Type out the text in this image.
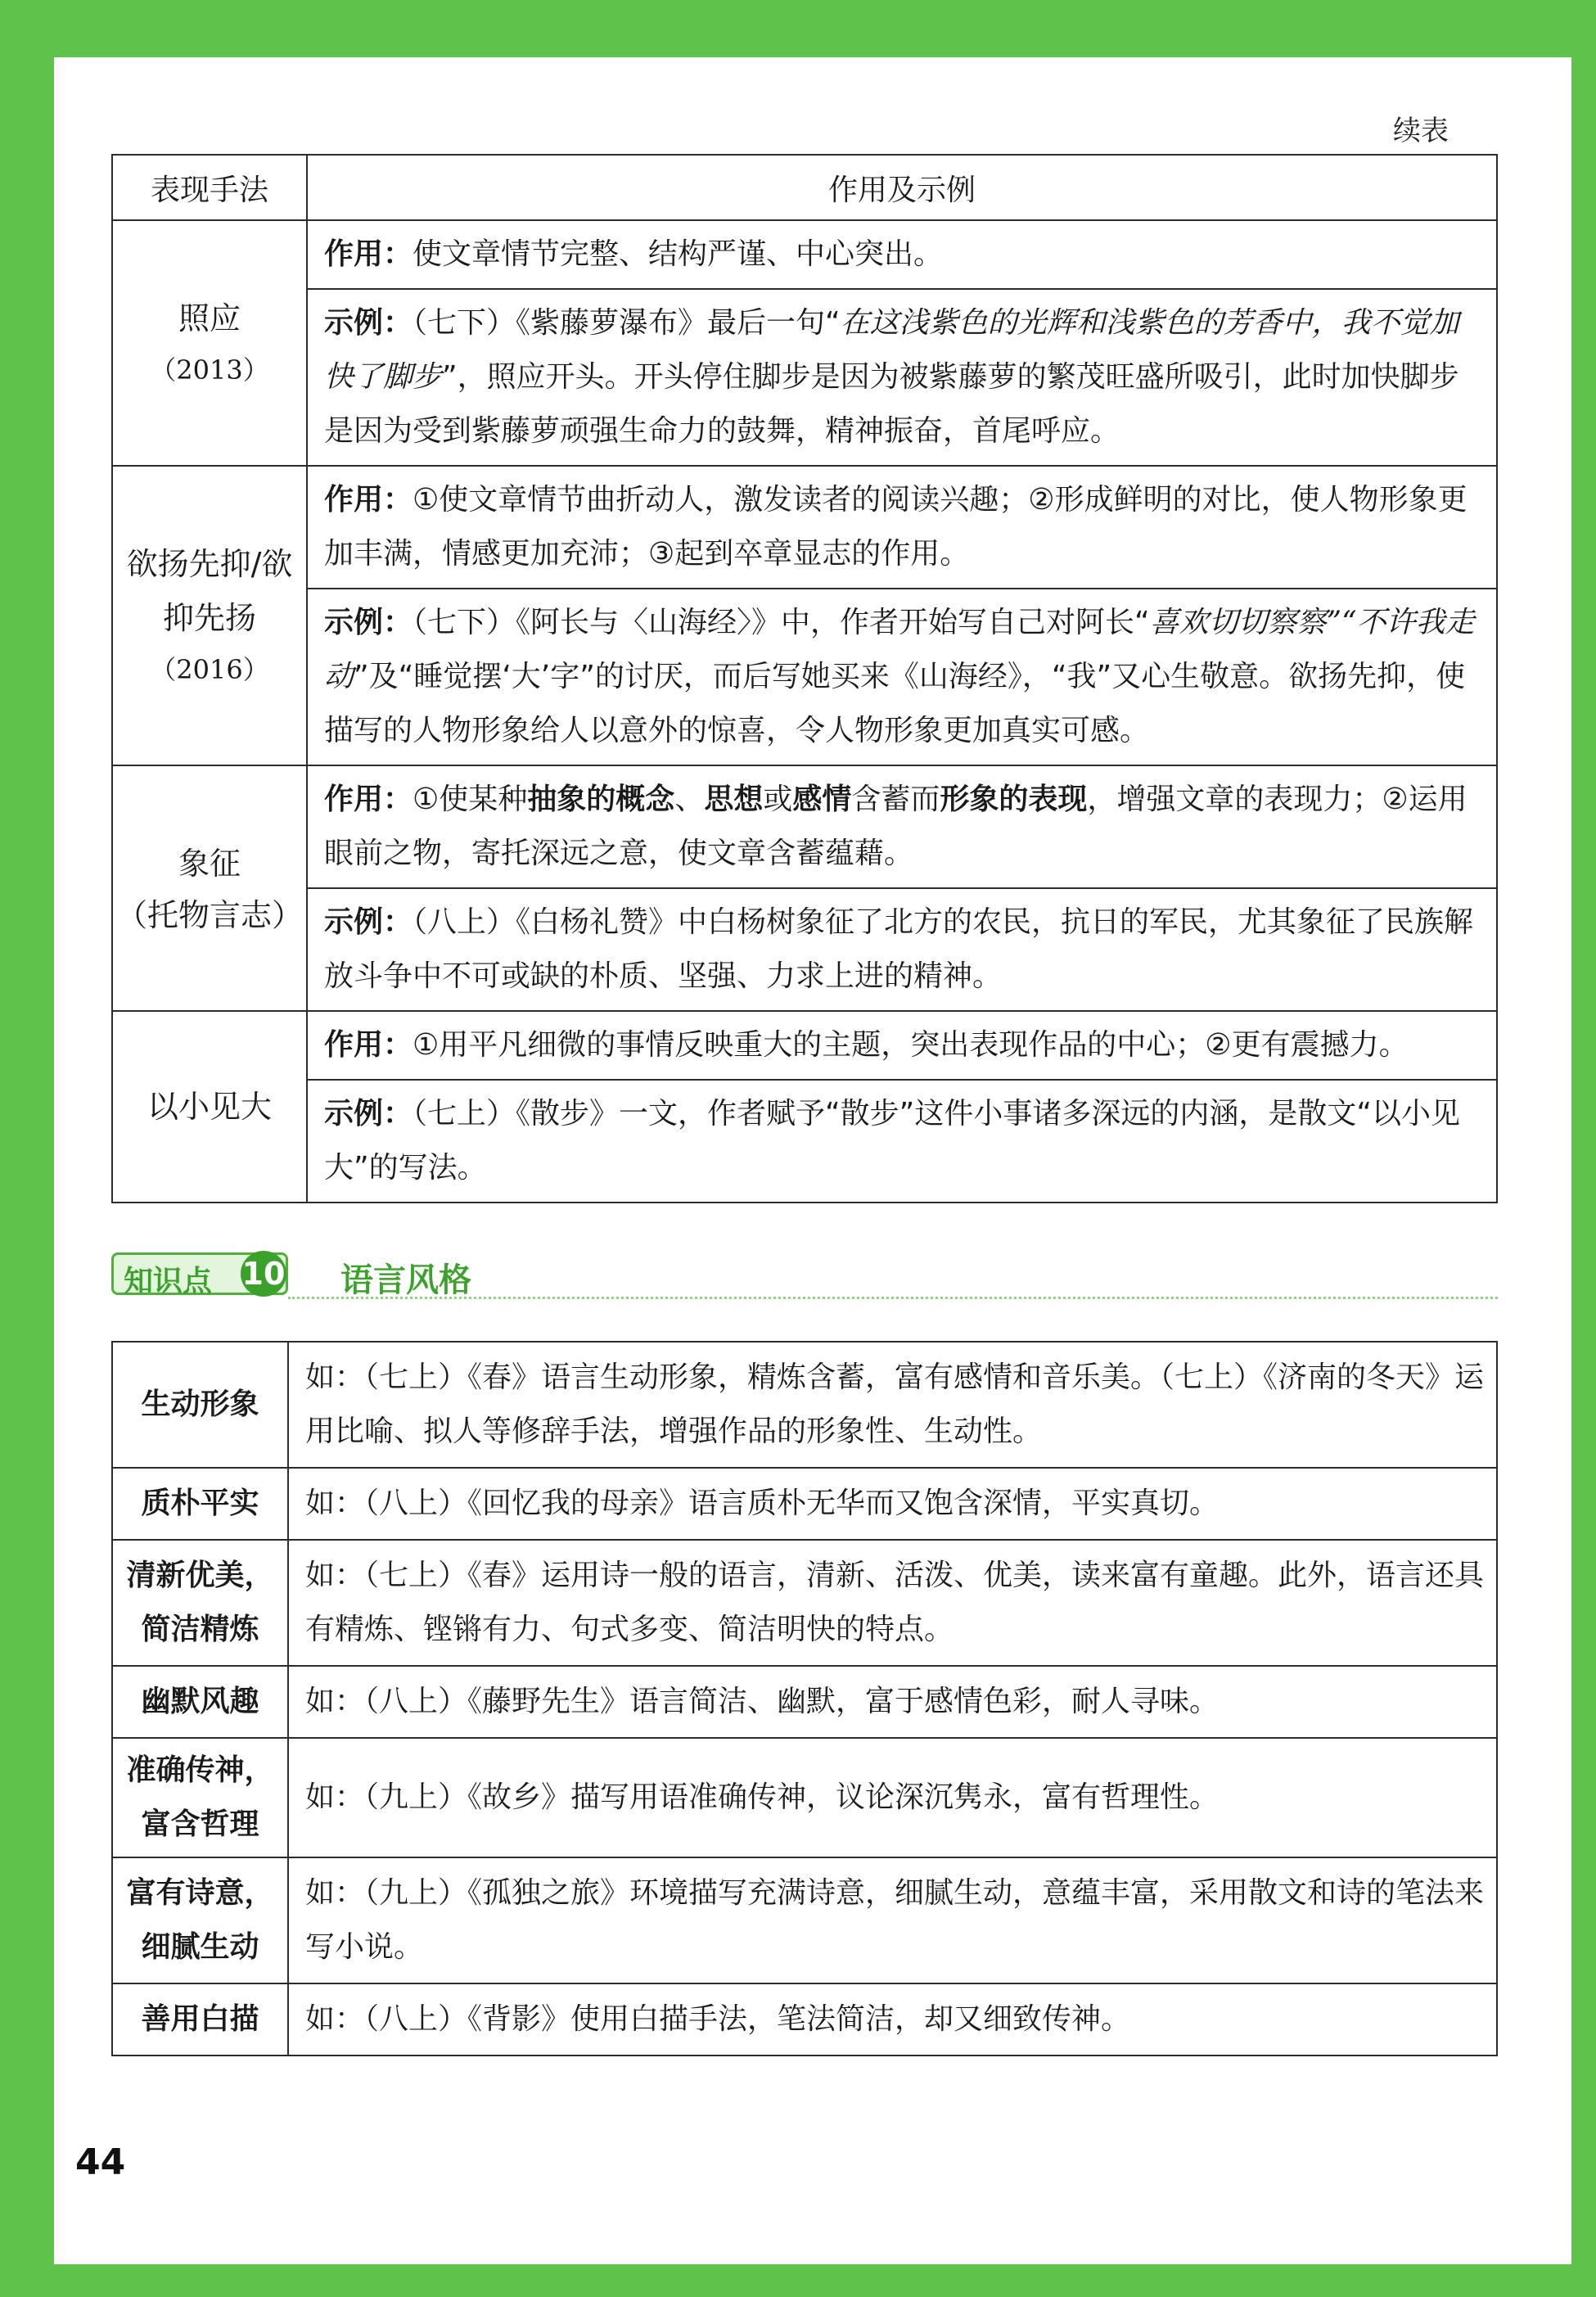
续表
表现手法	作用及示例
照应
（2013）	作用：使文章情节完整、结构严谨、中心突出。
	示例：（七下）《紫藤萝瀑布》最后一句“在这浅紫色的光辉和浅紫色的芳香中，我不觉加快了脚步”，照应开头。开头停住脚步是因为被紫藤萝的繁茂旺盛所吸引，此时加快脚步是因为受到紫藤萝顽强生命力的鼓舞，精神振奋，首尾呼应。
欲扬先抑/欲抑先扬
（2016）	作用：①使文章情节曲折动人，激发读者的阅读兴趣；②形成鲜明的对比，使人物形象更加丰满，情感更加充沛；③起到卒章显志的作用。
	示例：（七下）《阿长与〈山海经〉》中，作者开始写自己对阿长“喜欢切切察察”“不许我走动”及“睡觉摆‘大’字”的讨厌，而后写她买来《山海经》，“我”又心生敬意。欲扬先抑，使描写的人物形象给人以意外的惊喜，令人物形象更加真实可感。
象征
（托物言志）	作用：①使某种抽象的概念、思想或感情含蓄而形象的表现，增强文章的表现力；②运用眼前之物，寄托深远之意，使文章含蓄蕴藉。
	示例：（八上）《白杨礼赞》中白杨树象征了北方的农民，抗日的军民，尤其象征了民族解放斗争中不可或缺的朴质、坚强、力求上进的精神。
以小见大	作用：①用平凡细微的事情反映重大的主题，突出表现作品的中心；②更有震撼力。
	示例：（七上）《散步》一文，作者赋予“散步”这件小事诸多深远的内涵，是散文“以小见大”的写法。
知识点 10 语言风格
生动形象	如：（七上）《春》语言生动形象，精炼含蓄，富有感情和音乐美。（七上）《济南的冬天》运用比喻、拟人等修辞手法，增强作品的形象性、生动性。
质朴平实	如：（八上）《回忆我的母亲》语言质朴无华而又饱含深情，平实真切。
清新优美，简洁精炼	如：（七上）《春》运用诗一般的语言，清新、活泼、优美，读来富有童趣。此外，语言还具有精炼、铿锵有力、句式多变、简洁明快的特点。
幽默风趣	如：（八上）《藤野先生》语言简洁、幽默，富于感情色彩，耐人寻味。
准确传神，富含哲理	如：（九上）《故乡》描写用语准确传神，议论深沉隽永，富有哲理性。
富有诗意，细腻生动	如：（九上）《孤独之旅》环境描写充满诗意，细腻生动，意蕴丰富，采用散文和诗的笔法来写小说。
善用白描	如：（八上）《背影》使用白描手法，笔法简洁，却又细致传神。
44
